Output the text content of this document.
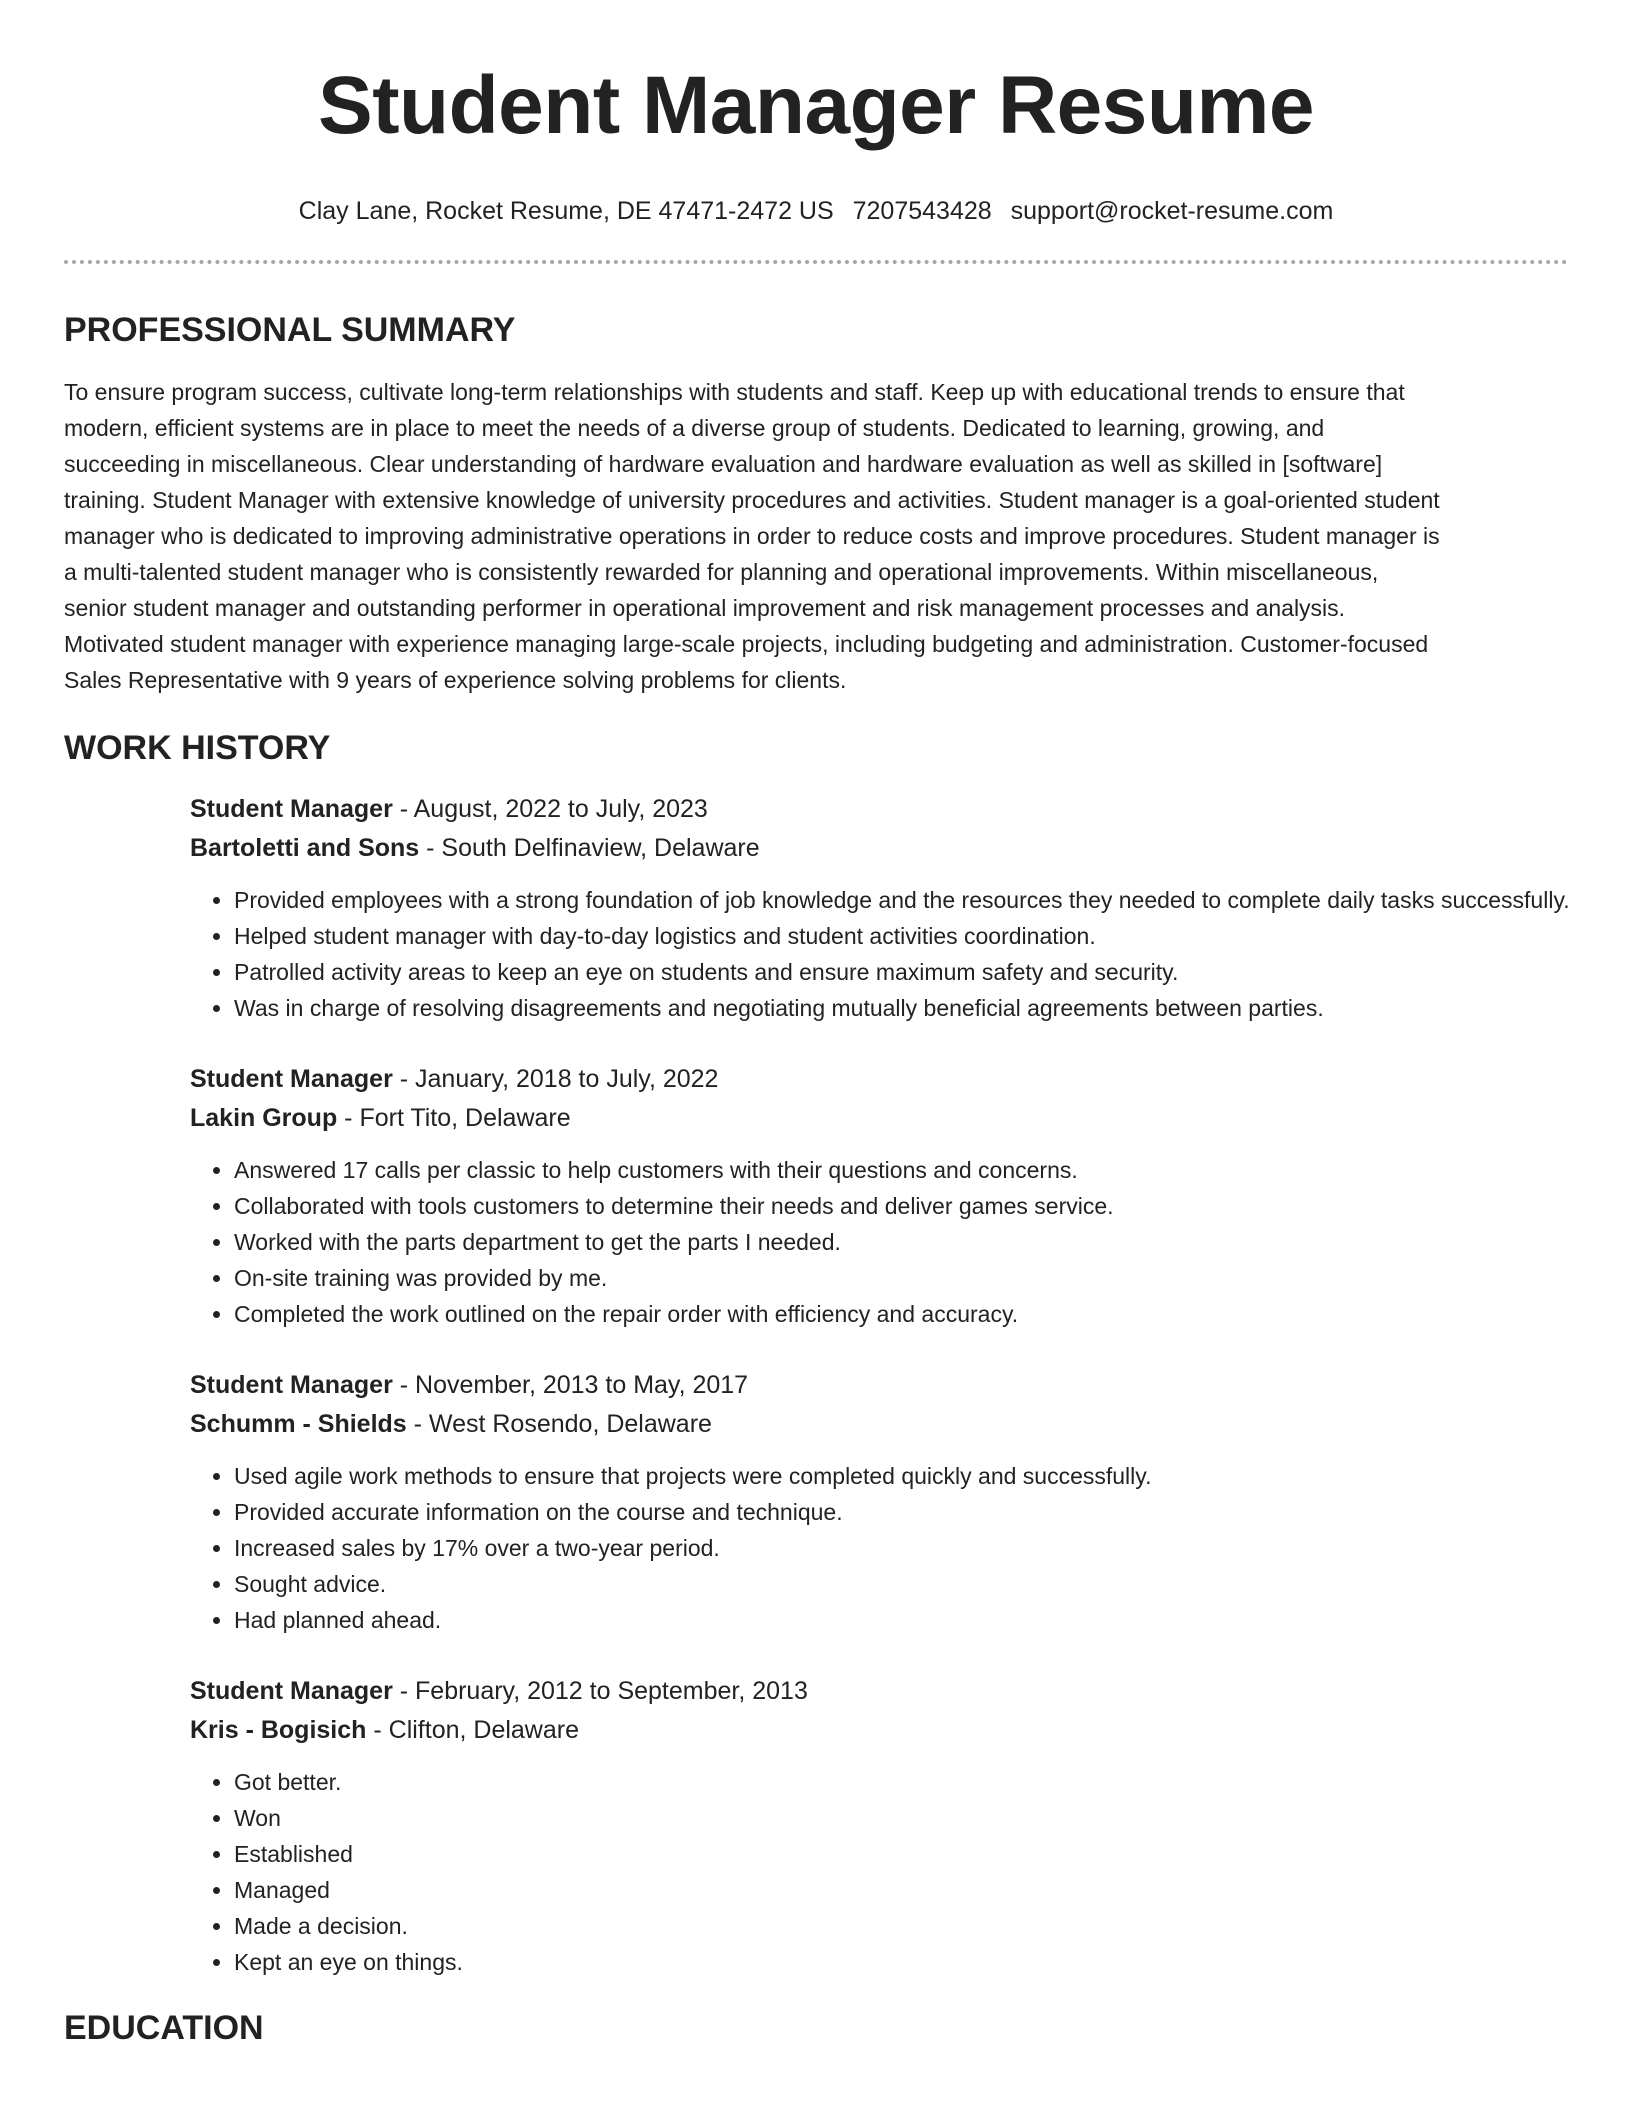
Student Manager Resume
Clay Lane, Rocket Resume, DE 47471-2472 US 7207543428 support@rocket-resume.com
PROFESSIONAL SUMMARY

To ensure program success, cultivate long-term relationships with students and staff. Keep up with educational trends to ensure that modern, efficient systems are in place to meet the needs of a diverse group of students. Dedicated to learning, growing, and succeeding in miscellaneous. Clear understanding of hardware evaluation and hardware evaluation as well as skilled in [software] training. Student Manager with extensive knowledge of university procedures and activities. Student manager is a goal-oriented student manager who is dedicated to improving administrative operations in order to reduce costs and improve procedures. Student manager is a multi-talented student manager who is consistently rewarded for planning and operational improvements. Within miscellaneous, senior student manager and outstanding performer in operational improvement and risk management processes and analysis. Motivated student manager with experience managing large-scale projects, including budgeting and administration. Customer-focused Sales Representative with 9 years of experience solving problems for clients.

WORK HISTORY

Student Manager - August, 2022 to July, 2023

Bartoletti and Sons - South Delfinaview, Delaware

• Provided employees with a strong foundation of job knowledge and the resources they needed to complete daily tasks successfully.
• Helped student manager with day-to-day logistics and student activities coordination.
• Patrolled activity areas to keep an eye on students and ensure maximum safety and security.
• Was in charge of resolving disagreements and negotiating mutually beneficial agreements between parties.

Student Manager - January, 2018 to July, 2022

Lakin Group - Fort Tito, Delaware

• Answered 17 calls per classic to help customers with their questions and concerns.
• Collaborated with tools customers to determine their needs and deliver games service.
• Worked with the parts department to get the parts I needed.
• On-site training was provided by me.
• Completed the work outlined on the repair order with efficiency and accuracy.

Student Manager - November, 2013 to May, 2017

Schumm - Shields - West Rosendo, Delaware

• Used agile work methods to ensure that projects were completed quickly and successfully.
• Provided accurate information on the course and technique.
• Increased sales by 17% over a two-year period.
• Sought advice.
• Had planned ahead.

Student Manager - February, 2012 to September, 2013

Kris - Bogisich - Clifton, Delaware

• Got better.
• Won
• Established
• Managed
• Made a decision.
• Kept an eye on things.
EDUCATION
